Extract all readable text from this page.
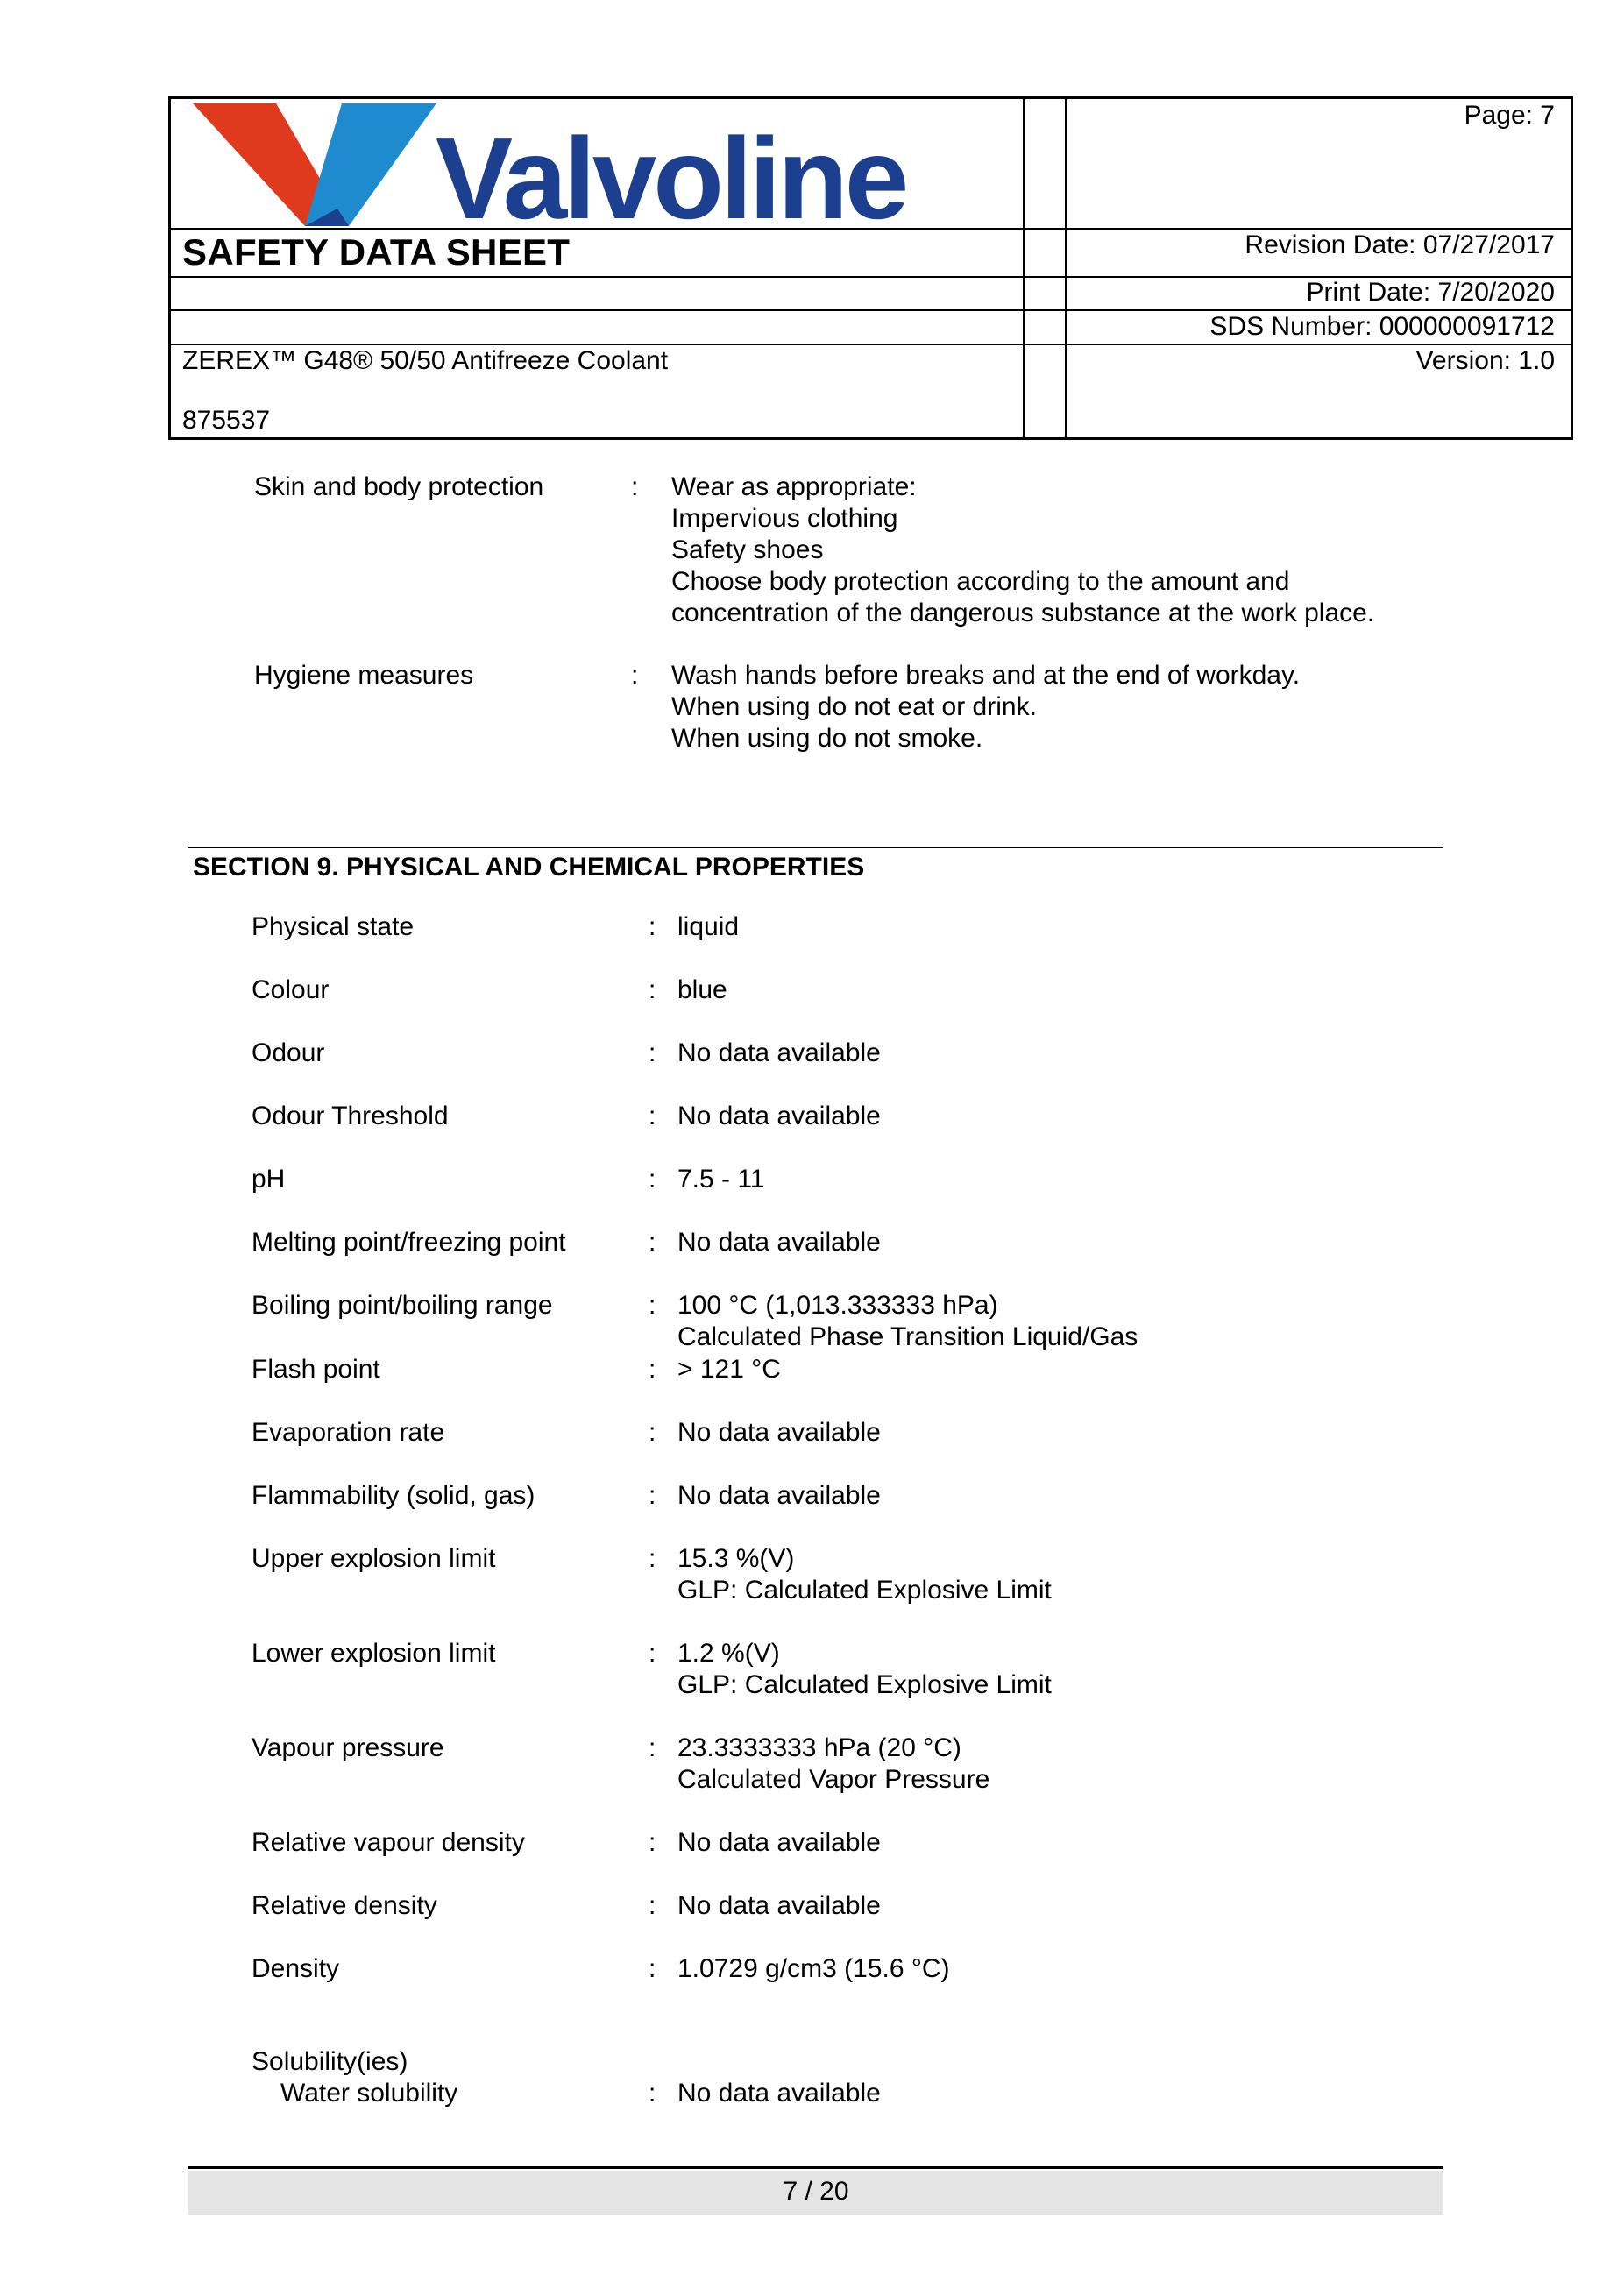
Valvoline	Page: 7
SAFETY DATA SHEET	Revision Date: 07/27/2017
Print Date: 7/20/2020
SDS Number: 000000091712
ZEREX™ G48® 50/50 Antifreeze Coolant	Version: 1.0
875537
Skin and body protection	:	Wear as appropriate:
Impervious clothing
Safety shoes
Choose body protection according to the amount and
concentration of the dangerous substance at the work place.
Hygiene measures	:	Wash hands before breaks and at the end of workday.
When using do not eat or drink.
When using do not smoke.
SECTION 9. PHYSICAL AND CHEMICAL PROPERTIES
Physical state	: liquid
Colour	: blue
Odour	: No data available
Odour Threshold	: No data available
pH	: 7.5 - 11
Melting point/freezing point	: No data available
Boiling point/boiling range	: 100 °C (1,013.333333 hPa)
Calculated Phase Transition Liquid/Gas
Flash point	: > 121 °C
Evaporation rate	: No data available
Flammability (solid, gas)	: No data available
Upper explosion limit	: 15.3 %(V)
GLP: Calculated Explosive Limit
Lower explosion limit	: 1.2 %(V)
GLP: Calculated Explosive Limit
Vapour pressure	: 23.3333333 hPa (20 °C)
Calculated Vapor Pressure
Relative vapour density	: No data available
Relative density	: No data available
Density	: 1.0729 g/cm3 (15.6 °C)
Solubility(ies)
Water solubility	: No data available
7 / 20
